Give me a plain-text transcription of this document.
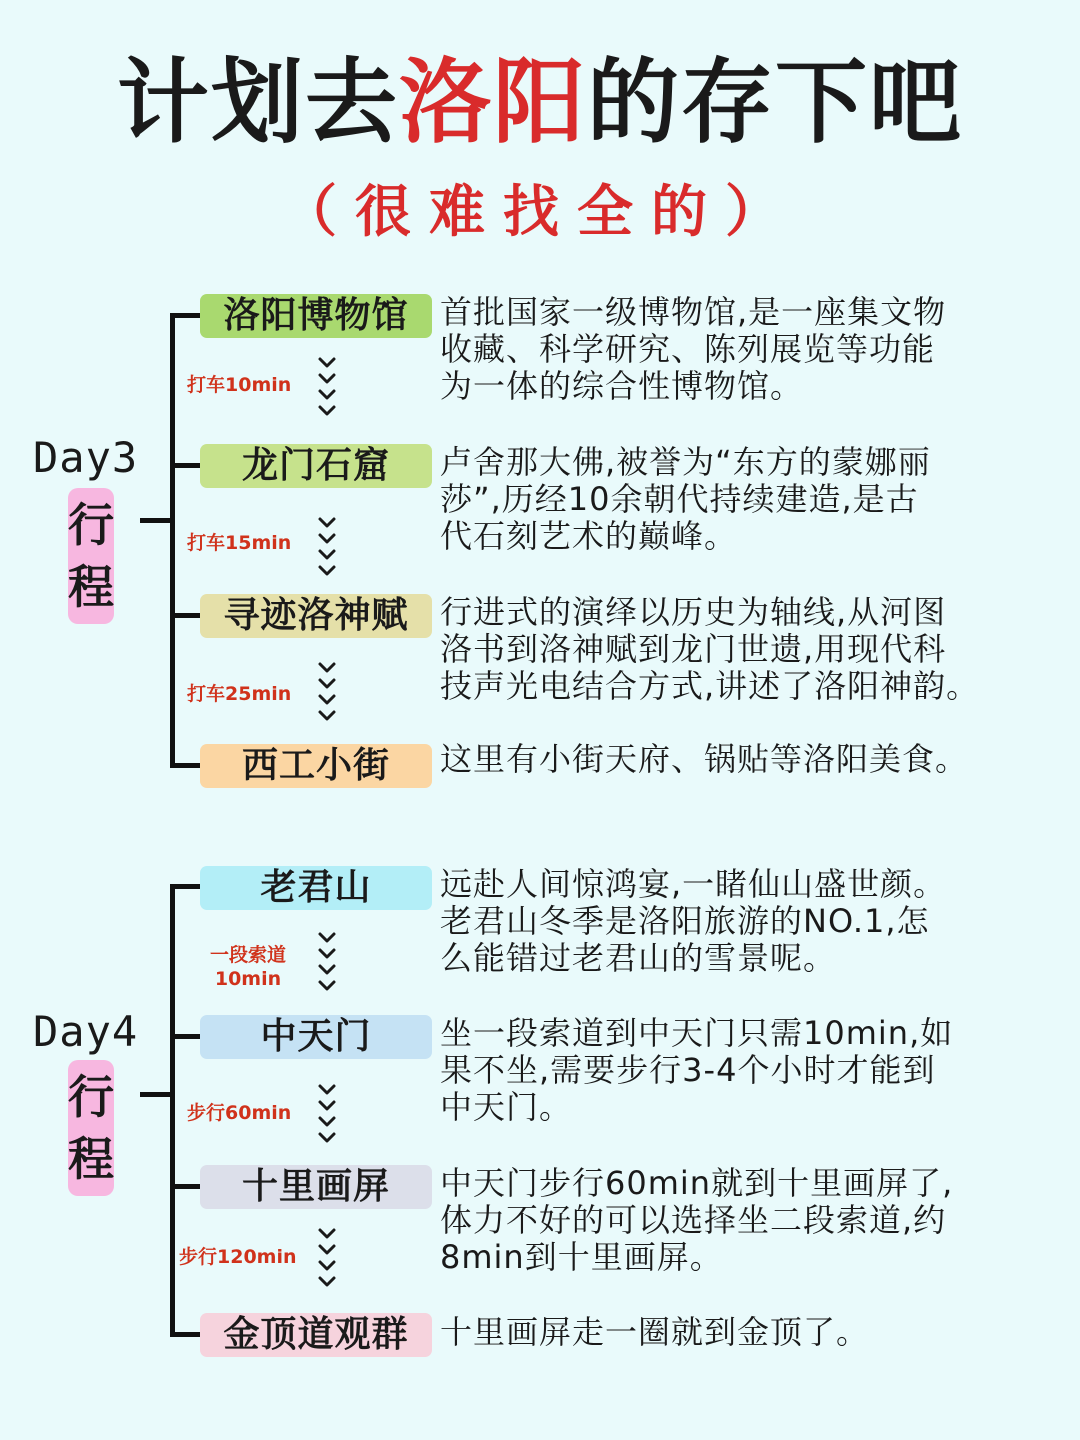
计划去洛阳的存下吧
（很难找全的）
Day3
行
程
洛阳博物馆
龙门石窟
寻迹洛神赋
西工小街
首批国家一级博物馆,是一座集文物
收藏、科学研究、陈列展览等功能
为一体的综合性博物馆。
卢舍那大佛,被誉为“东方的蒙娜丽
莎”,历经10余朝代持续建造,是古
代石刻艺术的巅峰。
行进式的演绎以历史为轴线,从河图
洛书到洛神赋到龙门世遗,用现代科
技声光电结合方式,讲述了洛阳神韵。
这里有小街天府、锅贴等洛阳美食。
打车10min
打车15min
打车25min
Day4
行
程
老君山
中天门
十里画屏
金顶道观群
远赴人间惊鸿宴,一睹仙山盛世颜。
老君山冬季是洛阳旅游的NO.1,怎
么能错过老君山的雪景呢。
坐一段索道到中天门只需10min,如
果不坐,需要步行3-4个小时才能到
中天门。
中天门步行60min就到十里画屏了,
体力不好的可以选择坐二段索道,约
8min到十里画屏。
十里画屏走一圈就到金顶了。
一段索道
10min
步行60min
步行120min
